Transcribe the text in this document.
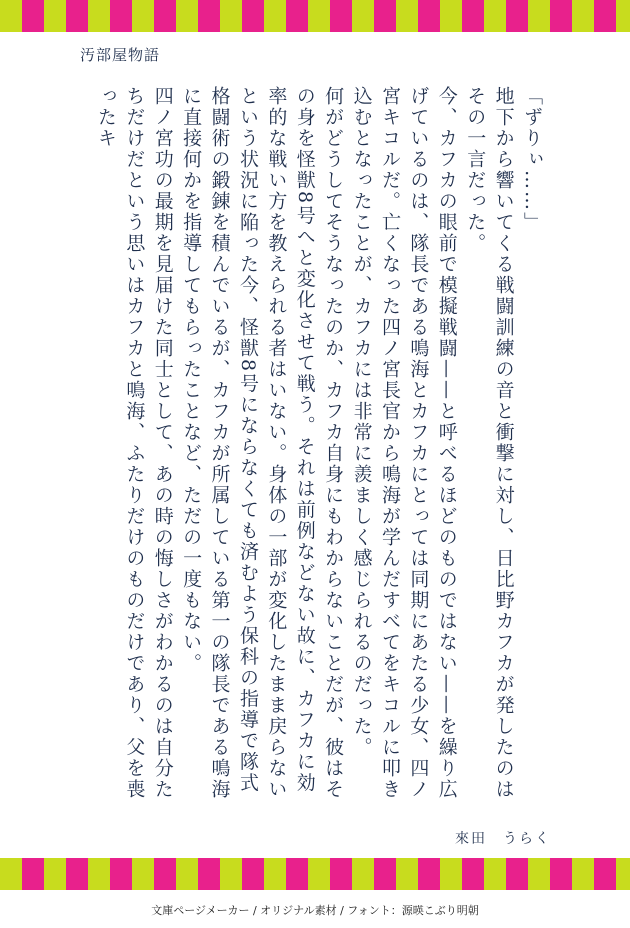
汚部屋物語

「ずりぃ……」

地下から響いてくる戦闘訓練の音と衝撃に対し、日比野カフカが発したのはその一言だった。

今、カフカの眼前で模擬戦闘——と呼べるほどのものではない——を繰り広げているのは、隊長である鳴海とカフカにとっては同期にあたる少女、四ノ宮キコルだ。亡くなった四ノ宮長官から鳴海が学んだすべてをキコルに叩き込むとなったことが、カフカには非常に羨ましく感じられるのだった。

何がどうしてそうなったのか、カフカ自身にもわからないことだが、彼はその身を怪獣8号へと変化させて戦う。それは前例などない故に、カフカに効率的な戦い方を教えられる者はいない。身体の一部が変化したまま戻らないという状況に陥った今、怪獣8号にならなくても済むよう保科の指導で隊式格闘術の鍛錬を積んでいるが、カフカが所属している第一の隊長である鳴海に直接何かを指導してもらったことなど、ただの一度もない。

四ノ宮功の最期を見届けた同士として、あの時の悔しさがわかるのは自分たちだけだという思いはカフカと鳴海、ふたりだけのものだけであり、父を喪ったキ

來田　うらく
文庫ページメーカー / オリジナル素材 / フォント：源暎こぶり明朝
